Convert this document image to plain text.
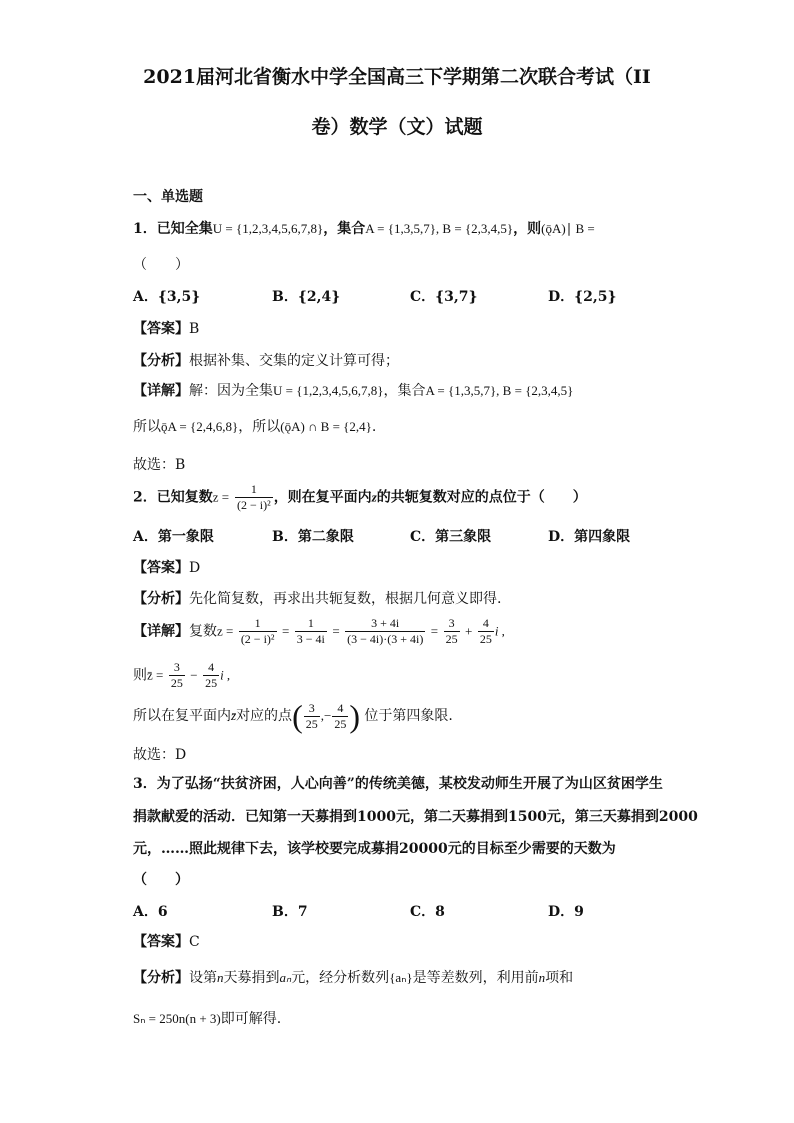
2021届河北省衡水中学全国高三下学期第二次联合考试（II
卷）数学（文）试题
一、单选题
1．已知全集U = {1,2,3,4,5,6,7,8}，集合A = {1,3,5,7}, B = {2,3,4,5}，则(ǭA)∣ B =
（　　）
A．{3,5}	B．{2,4}	C．{3,7}	D．{2,5}
【答案】B
【分析】根据补集、交集的定义计算可得；
【详解】解：因为全集U = {1,2,3,4,5,6,7,8}，集合A = {1,3,5,7}, B = {2,3,4,5}
所以ǭA = {2,4,6,8}，所以(ǭA) ∩ B = {2,4}.
故选：B
2．已知复数$z = \frac{1}{\text{(2 − i)²}}$ ，则在复平面内z的共轭复数对应的点位于（　　）
A．第一象限	B．第二象限	C．第三象限	D．第四象限
【答案】D
【分析】先化简复数，再求出共轭复数，根据几何意义即得.
【详解】复数$z = \frac{1}{\text{(2 − i)²}} = \frac{1}{3 - 4i} = \frac{3 + 4i}{(3 - 4i)\cdot(3 + 4i)} = \frac{3}{25} + \frac{4}{25}$ i ,
则z̄ = $\frac{3}{25} - \frac{4}{25}$ i ,
所以在复平面内z̄对应的点( $\frac{3}{25}$ ,− $\frac{4}{25}$ ) 位于第四象限.
故选：D
3．为了弘扬“扶贫济困，人心向善”的传统美德，某校发动师生开展了为山区贫困学生
捐款献爱的活动．已知第一天募捐到1000元，第二天募捐到1500元，第三天募捐到2000
元，……照此规律下去，该学校要完成募捐20000元的目标至少需要的天数为
（　　）
A．6	B．7	C．8	D．9
【答案】C
【分析】设第n天募捐到aₙ元，经分析数列{aₙ}是等差数列，利用前n项和
Sₙ = 250n(n + 3)即可解得.
